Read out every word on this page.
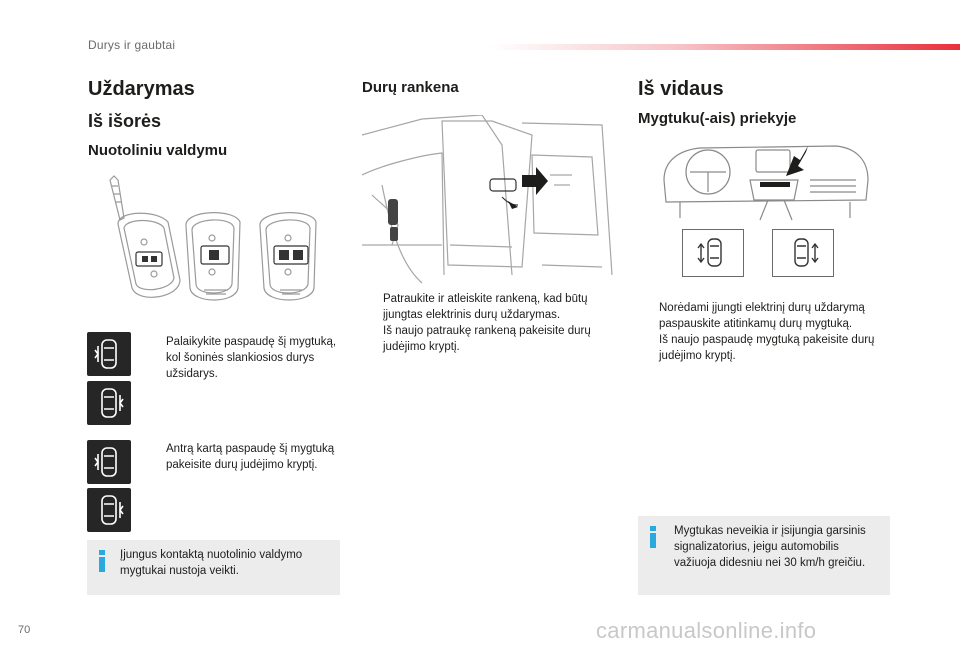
Durys ir gaubtai
Uždarymas
Iš išorės
Nuotoliniu valdymu
Palaikykite paspaudę šį mygtuką, kol šoninės slankiosios durys užsidarys.
Antrą kartą paspaudę šį mygtuką pakeisite durų judėjimo kryptį.
Įjungus kontaktą nuotolinio valdymo mygtukai nustoja veikti.
Durų rankena
Patraukite ir atleiskite rankeną, kad būtų įjungtas elektrinis durų uždarymas.
Iš naujo patraukę rankeną pakeisite durų judėjimo kryptį.
Iš vidaus
Mygtuku(-ais) priekyje
Norėdami įjungti elektrinį durų uždarymą paspauskite atitinkamų durų mygtuką.
Iš naujo paspaudę mygtuką pakeisite durų judėjimo kryptį.
Mygtukas neveikia ir įsijungia garsinis signalizatorius, jeigu automobilis važiuoja didesniu nei 30 km/h greičiu.
70	carmanualsonline.info
